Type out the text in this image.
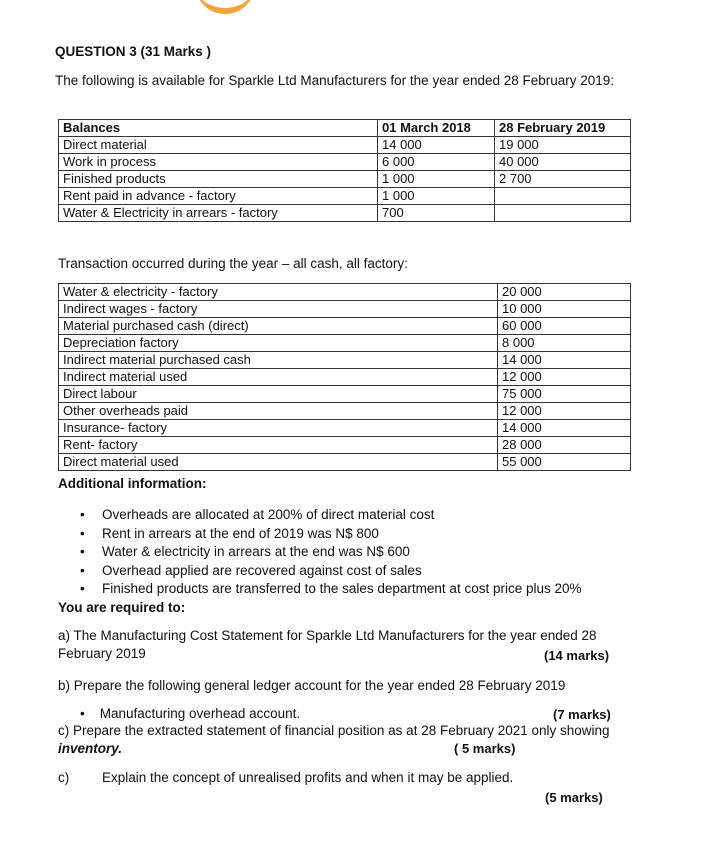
QUESTION 3 (31 Marks )
The following is available for Sparkle Ltd Manufacturers for the year ended 28 February 2019:
Balances	01 March 2018	28 February 2019
Direct material	14 000	19 000
Work in process	6 000	40 000
Finished products	1 000	2 700
Rent paid in advance - factory	1 000	
Water & Electricity in arrears - factory	700	
Transaction occurred during the year – all cash, all factory:
Water & electricity - factory	20 000
Indirect wages - factory	10 000
Material purchased cash (direct)	60 000
Depreciation factory	8 000
Indirect material purchased cash	14 000
Indirect material used	12 000
Direct labour	75 000
Other overheads paid	12 000
Insurance- factory	14 000
Rent- factory	28 000
Direct material used	55 000
Additional information:
• Overheads are allocated at 200% of direct material cost
• Rent in arrears at the end of 2019 was N$ 800
• Water & electricity in arrears at the end was N$ 600
• Overhead applied are recovered against cost of sales
• Finished products are transferred to the sales department at cost price plus 20%
You are required to:
a) The Manufacturing Cost Statement for Sparkle Ltd Manufacturers for the year ended 28
February 2019	(14 marks)
b) Prepare the following general ledger account for the year ended 28 February 2019
• Manufacturing overhead account.	(7 marks)
c) Prepare the extracted statement of financial position as at 28 February 2021 only showing
inventory.	( 5 marks)
c) Explain the concept of unrealised profits and when it may be applied.
(5 marks)
